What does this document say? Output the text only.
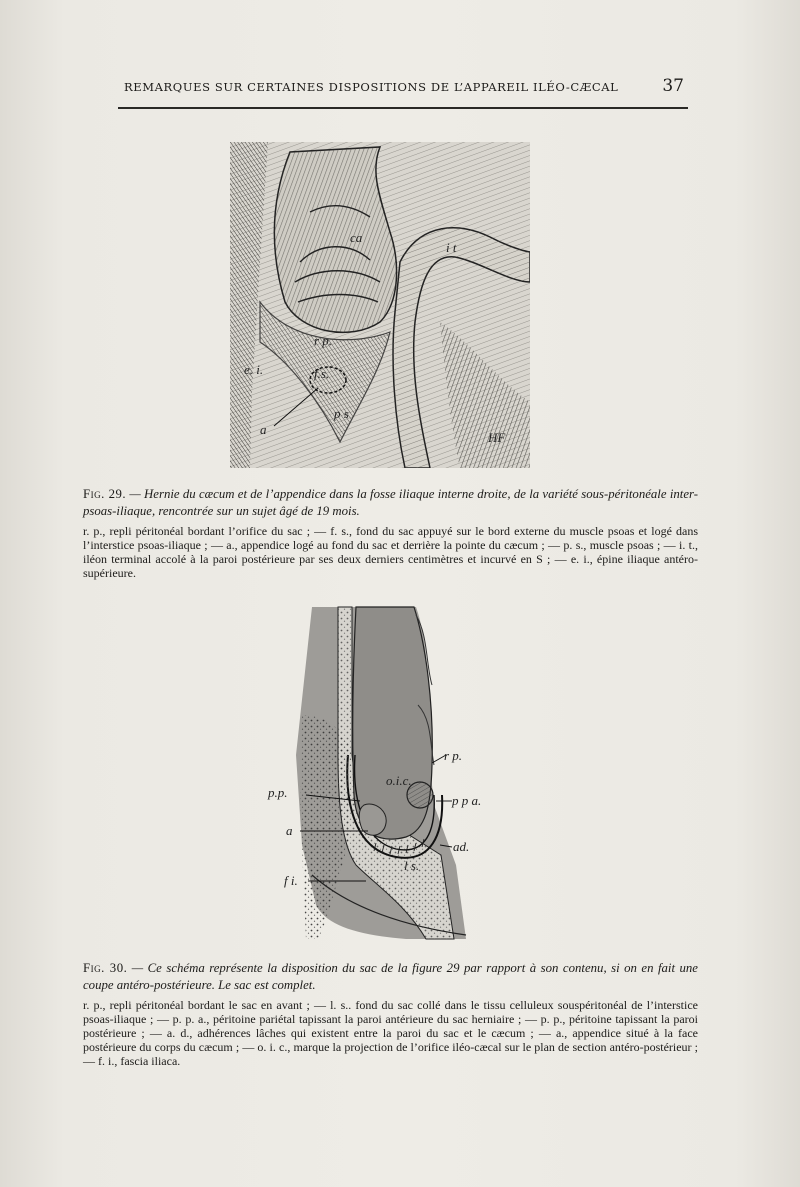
REMARQUES SUR CERTAINES DISPOSITIONS DE L’APPAREIL ILÉO-CÆCAL	37
ca
i t
r p.
e. i.	f.s.
a
p s
HF
Fig. 29. — Hernie du cæcum et de l’appendice dans la fosse iliaque interne droite, de la variété sous-péritonéale inter-psoas-iliaque, rencontrée sur un sujet âgé de 19 mois.
r. p., repli péritonéal bordant l’orifice du sac ; — f. s., fond du sac appuyé sur le bord externe du muscle psoas et logé dans l’interstice psoas-iliaque ; — a., appendice logé au fond du sac et derrière la pointe du cæcum ; — p. s., muscle psoas ; — i. t., iléon terminal accolé à la paroi postérieure par ses deux derniers centimètres et incurvé en S ; — e. i., épine iliaque antéro-supérieure.
r p.
o.i.c.
p.p.
p p a.
a
ad.
f i.
l s.
Fig. 30. — Ce schéma représente la disposition du sac de la figure 29 par rapport à son contenu, si on en fait une coupe antéro-postérieure. Le sac est complet.
r. p., repli péritonéal bordant le sac en avant ; — l. s.. fond du sac collé dans le tissu celluleux souspéritonéal de l’interstice psoas-iliaque ; — p. p. a., péritoine pariétal tapissant la paroi antérieure du sac herniaire ; — p. p., péritoine tapissant la paroi postérieure ; — a. d., adhérences lâches qui existent entre la paroi du sac et le cæcum ; — a., appendice situé à la face postérieure du corps du cæcum ; — o. i. c., marque la projection de l’orifice iléo-cæcal sur le plan de section antéro-postérieur ; — f. i., fascia iliaca.
